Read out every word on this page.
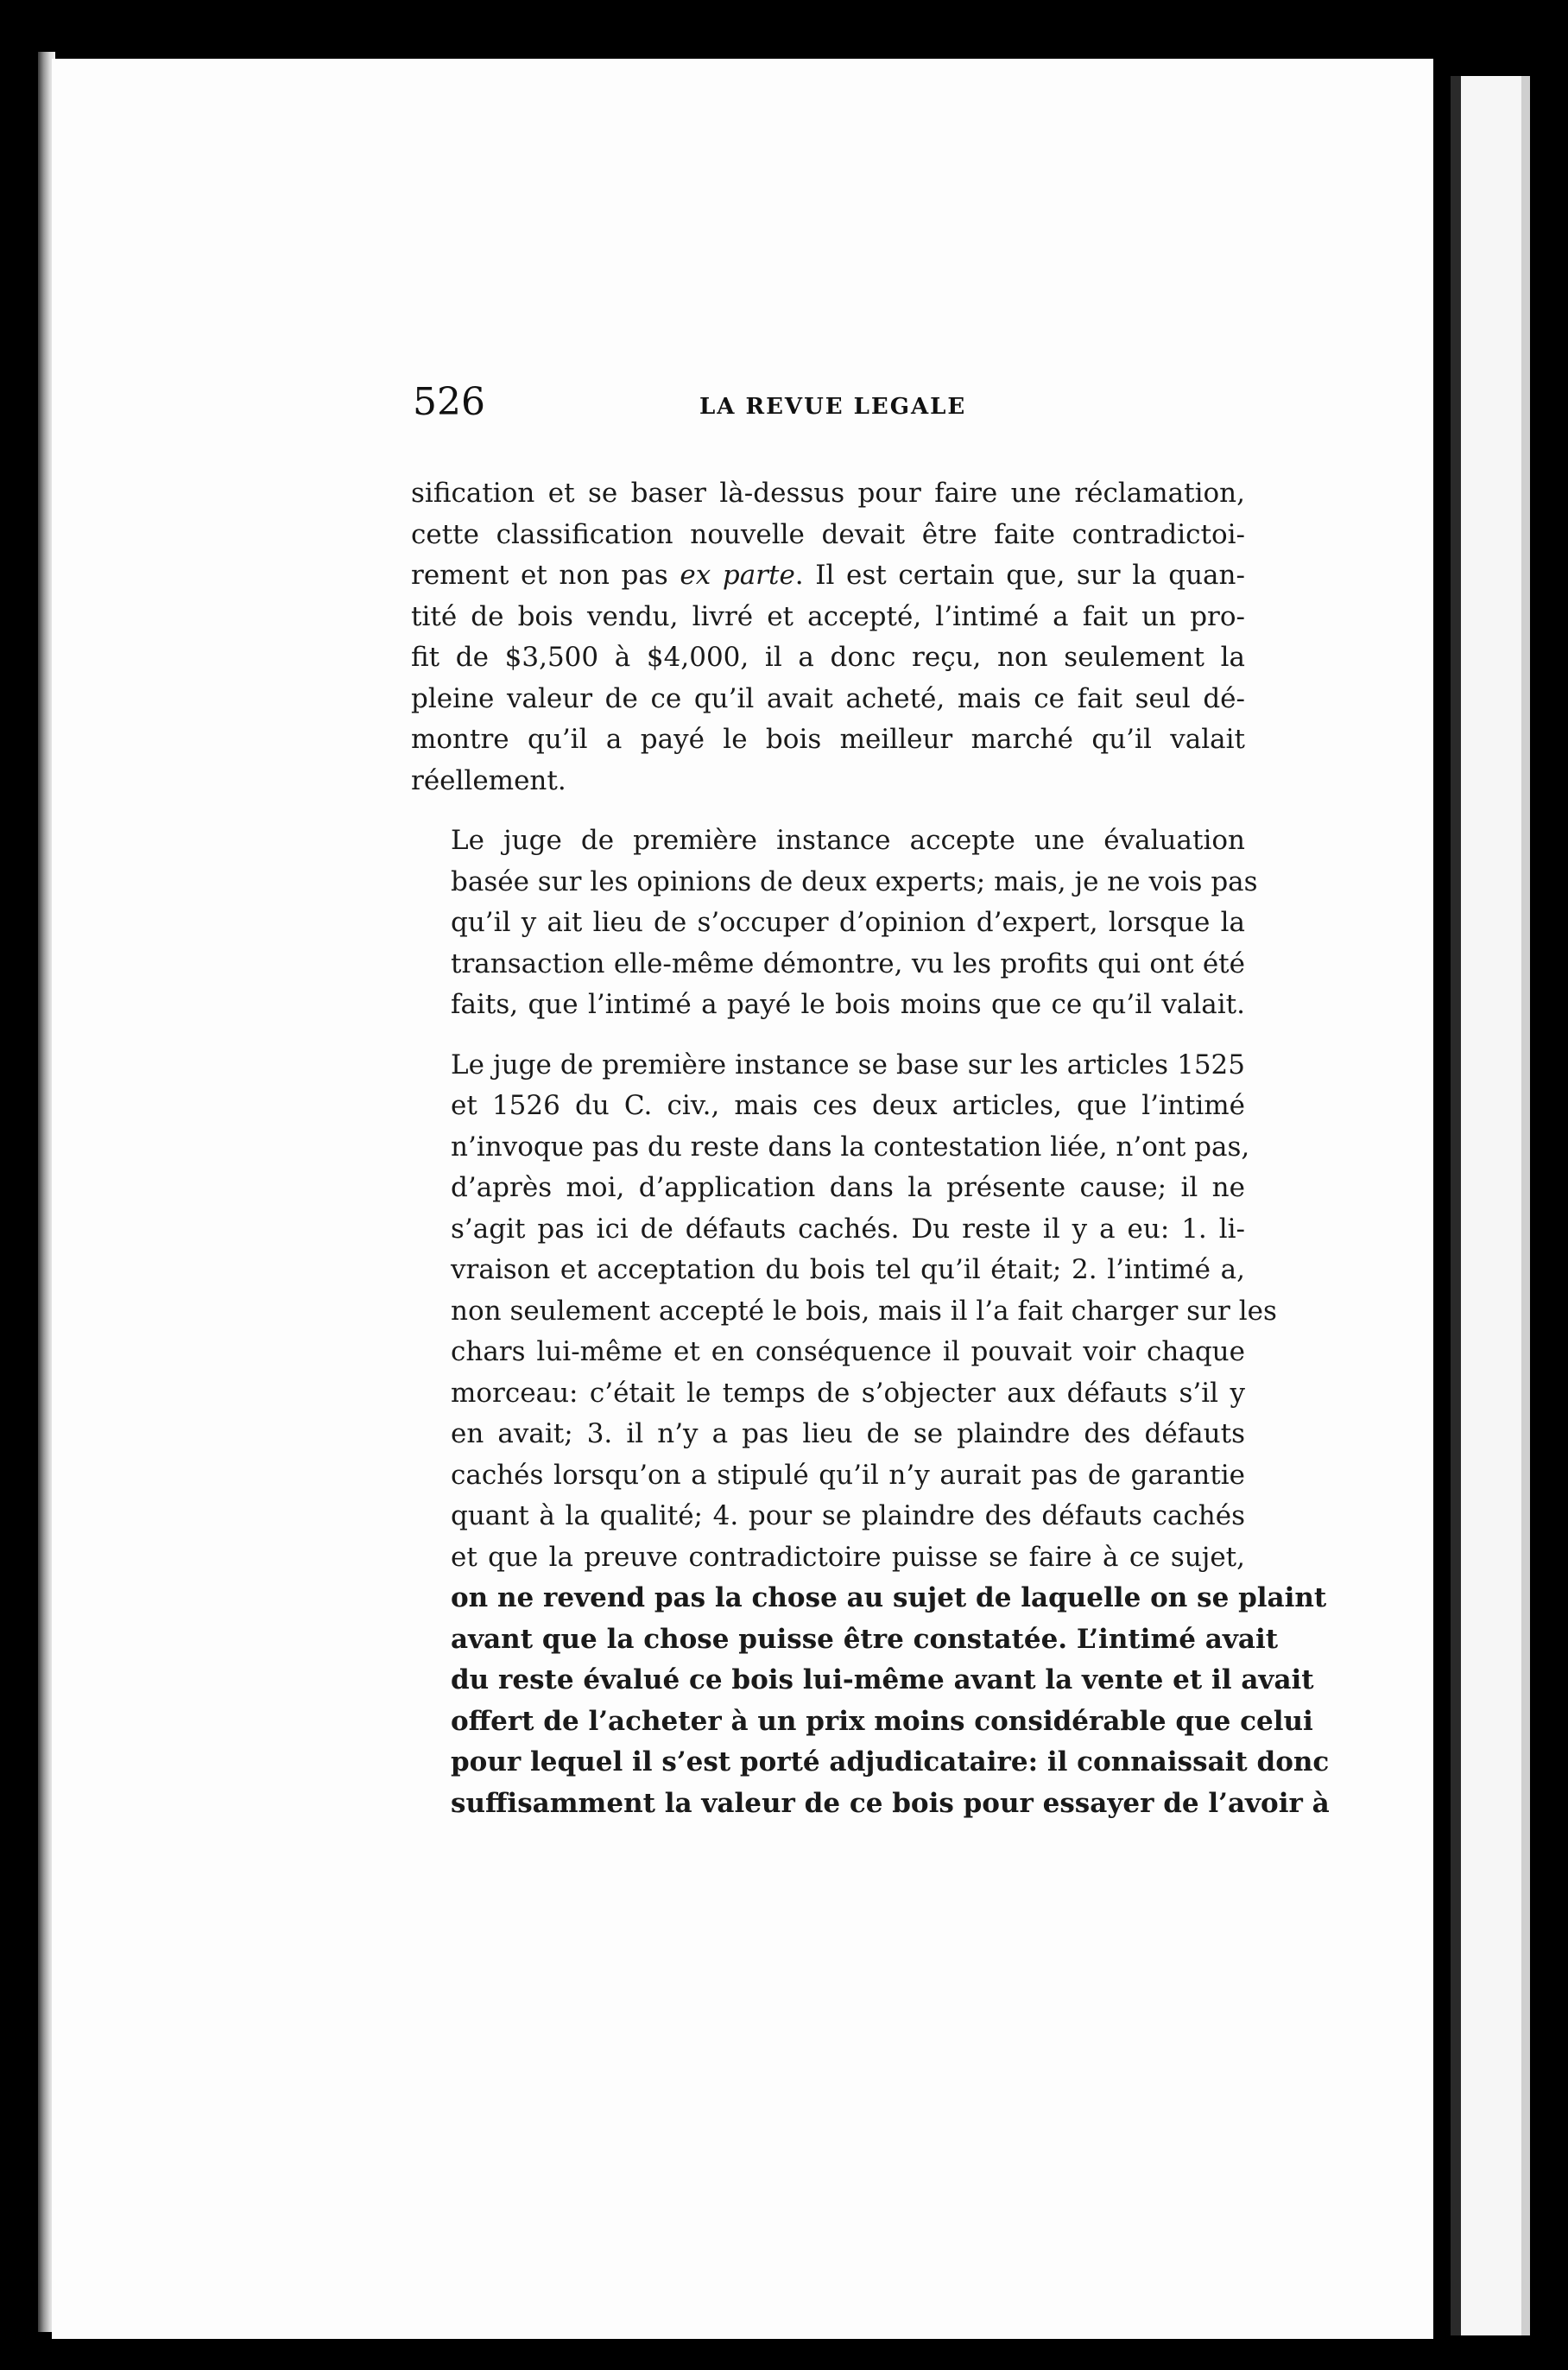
526	LA REVUE LEGALE

sification et se baser là-dessus pour faire une réclamation,
cette classification nouvelle devait être faite contradictoi-
rement et non pas ex parte. Il est certain que, sur la quan-
tité de bois vendu, livré et accepté, l’intimé a fait un pro-
fit de $3,500 à $4,000, il a donc reçu, non seulement la
pleine valeur de ce qu’il avait acheté, mais ce fait seul dé-
montre qu’il a payé le bois meilleur marché qu’il valait
réellement.

Le juge de première instance accepte une évaluation
basée sur les opinions de deux experts; mais, je ne vois pas
qu’il y ait lieu de s’occuper d’opinion d’expert, lorsque la
transaction elle-même démontre, vu les profits qui ont été
faits, que l’intimé a payé le bois moins que ce qu’il valait.

Le juge de première instance se base sur les articles 1525
et 1526 du C. civ., mais ces deux articles, que l’intimé
n’invoque pas du reste dans la contestation liée, n’ont pas,
d’après moi, d’application dans la présente cause; il ne
s’agit pas ici de défauts cachés. Du reste il y a eu: 1. li-
vraison et acceptation du bois tel qu’il était; 2. l’intimé a,
non seulement accepté le bois, mais il l’a fait charger sur les
chars lui-même et en conséquence il pouvait voir chaque
morceau: c’était le temps de s’objecter aux défauts s’il y
en avait; 3. il n’y a pas lieu de se plaindre des défauts
cachés lorsqu’on a stipulé qu’il n’y aurait pas de garantie
quant à la qualité; 4. pour se plaindre des défauts cachés
et que la preuve contradictoire puisse se faire à ce sujet,
on ne revend pas la chose au sujet de laquelle on se plaint
avant que la chose puisse être constatée. L’intimé avait
du reste évalué ce bois lui-même avant la vente et il avait
offert de l’acheter à un prix moins considérable que celui
pour lequel il s’est porté adjudicataire: il connaissait donc
suffisamment la valeur de ce bois pour essayer de l’avoir à
